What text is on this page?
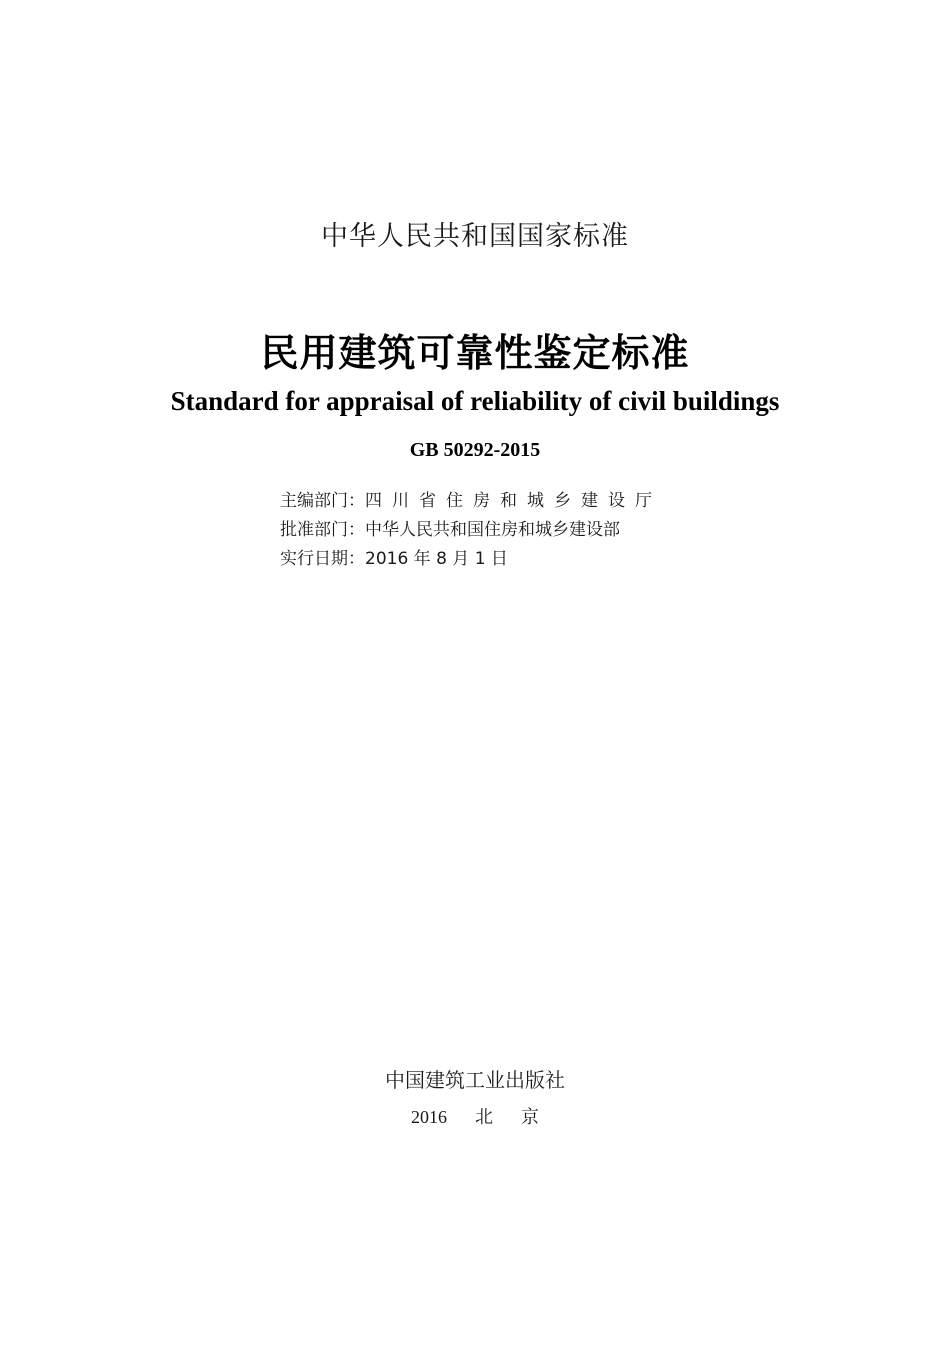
中华人民共和国国家标准
民用建筑可靠性鉴定标准
Standard for appraisal of reliability of civil buildings
GB 50292-2015
主编部门：四川省住房和城乡建设厅
批准部门：中华人民共和国住房和城乡建设部
实行日期：2016 年 8 月 1 日
中国建筑工业出版社
2016 北 京
